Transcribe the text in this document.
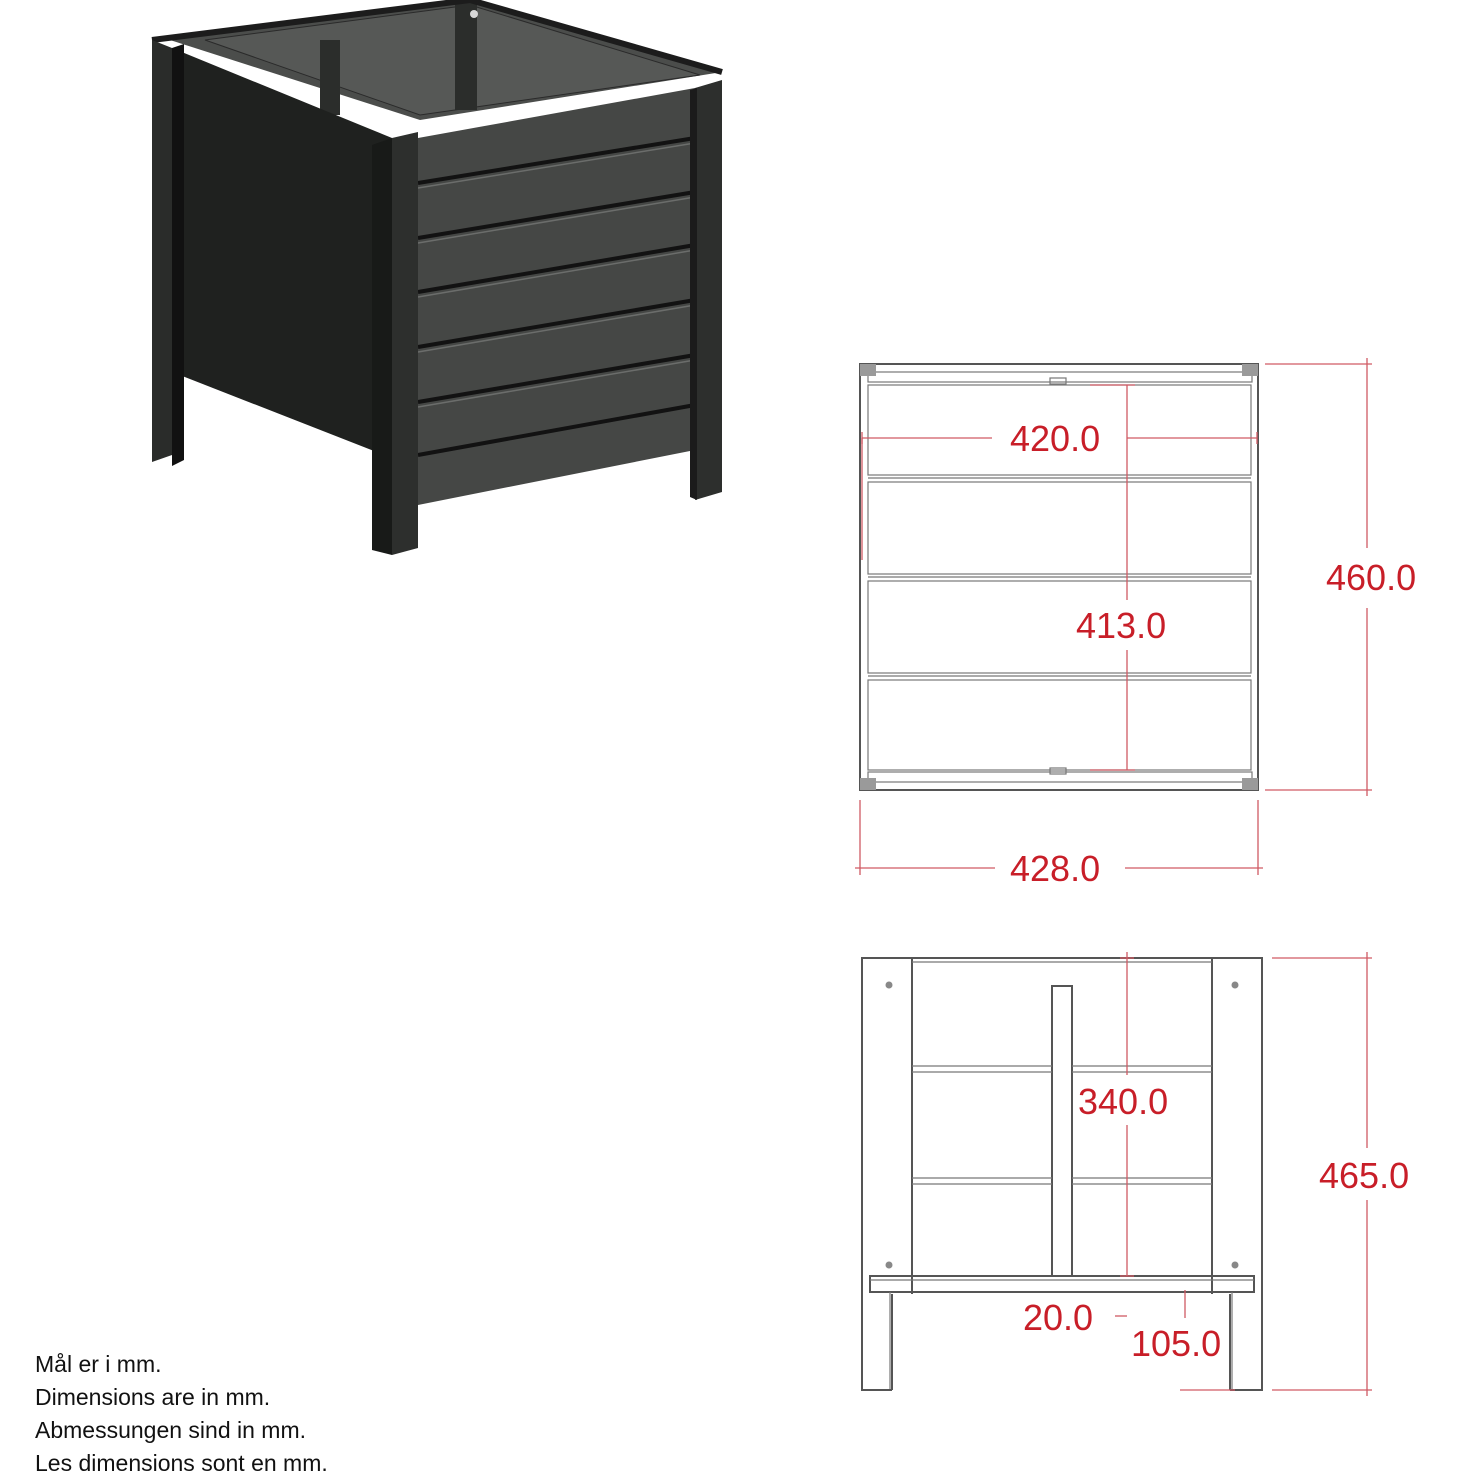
420.0
460.0
413.0
428.0
340.0
465.0
20.0
105.0
Mål er i mm.
Dimensions are in mm.
Abmessungen sind in mm.
Les dimensions sont en mm.
